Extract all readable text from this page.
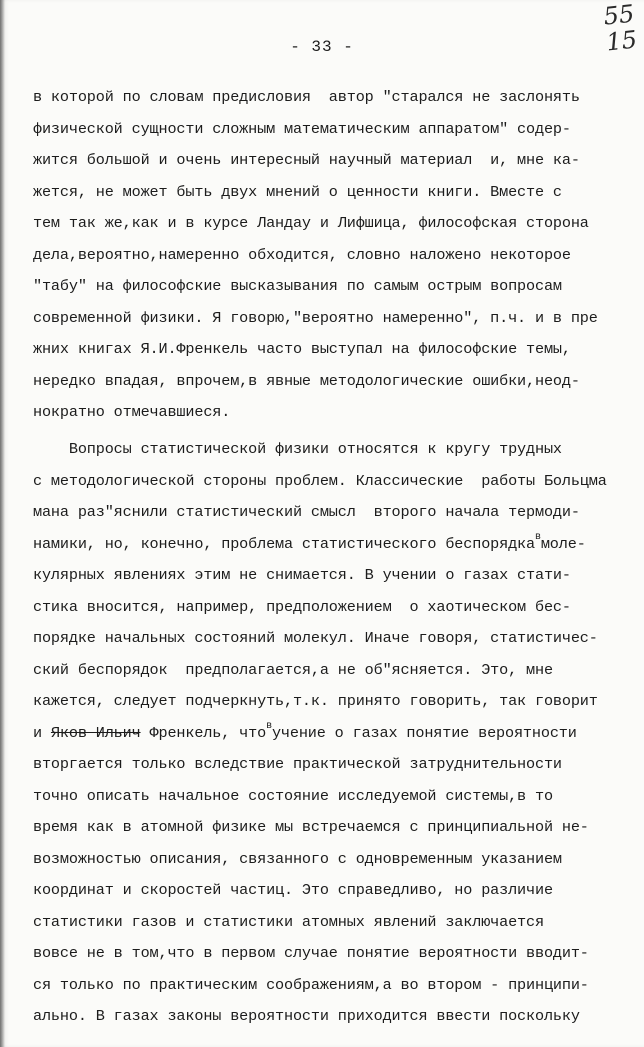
55
15
- 33 -
в которой по словам предисловия  автор "старался не заслонять
физической сущности сложным математическим аппаратом" содер-
жится большой и очень интересный научный материал  и, мне ка-
жется, не может быть двух мнений о ценности книги. Вместе с
тем так же,как и в курсе Ландау и Лифшица, философская сторона
дела,вероятно,намеренно обходится, словно наложено некоторое
"табу" на философские высказывания по самым острым вопросам
современной физики. Я говорю,"вероятно намеренно", п.ч. и в пре
жних книгах Я.И.Френкель часто выступал на философские темы,
нередко впадая, впрочем,в явные методологические ошибки,неод-
нократно отмечавшиеся.
Вопросы статистической физики относятся к кругу трудных
с методологической стороны проблем. Классические  работы Больцма
мана раз"яснили статистический смысл  второго начала термоди-
намики, но, конечно, проблема статистического беспорядка$^в$моле-
кулярных явлениях этим не снимается. В учении о газах стати-
стика вносится, например, предположением  о хаотическом бес-
порядке начальных состояний молекул. Иначе говоря, статистичес-
ский беспорядок  предполагается,а не об"ясняется. Это, мне
кажется, следует подчеркнуть,т.к. принято говорить, так говорит
и Яков Ильич Френкель, что$^в$учение о газах понятие вероятности
вторгается только вследствие практической затруднительности
точно описать начальное состояние исследуемой системы,в то
время как в атомной физике мы встречаемся с принципиальной не-
возможностью описания, связанного с одновременным указанием
координат и скоростей частиц. Это справедливо, но различие
статистики газов и статистики атомных явлений заключается
вовсе не в том,что в первом случае понятие вероятности вводит-
ся только по практическим соображениям,а во втором - принципи-
ально. В газах законы вероятности приходится ввести поскольку
